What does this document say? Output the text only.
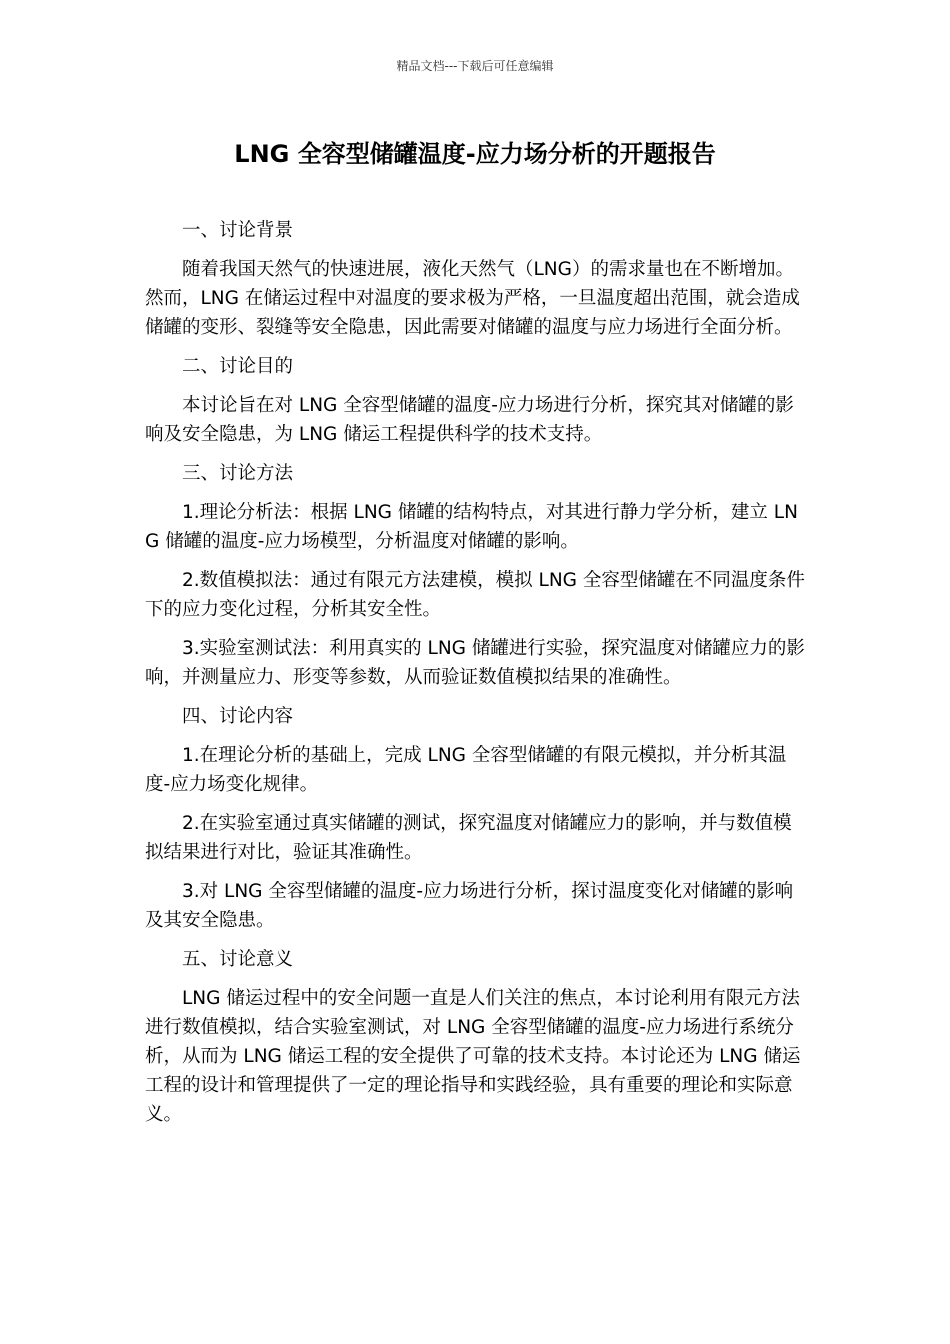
精品文档---下载后可任意编辑
LNG 全容型储罐温度-应力场分析的开题报告
一、讨论背景

随着我国天然气的快速进展，液化天然气（LNG）的需求量也在不断增加。然而，LNG 在储运过程中对温度的要求极为严格，一旦温度超出范围，就会造成储罐的变形、裂缝等安全隐患，因此需要对储罐的温度与应力场进行全面分析。

二、讨论目的

本讨论旨在对 LNG 全容型储罐的温度-应力场进行分析，探究其对储罐的影响及安全隐患，为 LNG 储运工程提供科学的技术支持。

三、讨论方法

1.理论分析法：根据 LNG 储罐的结构特点，对其进行静力学分析，建立 LNG 储罐的温度-应力场模型，分析温度对储罐的影响。

2.数值模拟法：通过有限元方法建模，模拟 LNG 全容型储罐在不同温度条件下的应力变化过程，分析其安全性。

3.实验室测试法：利用真实的 LNG 储罐进行实验，探究温度对储罐应力的影响，并测量应力、形变等参数，从而验证数值模拟结果的准确性。

四、讨论内容

1.在理论分析的基础上，完成 LNG 全容型储罐的有限元模拟，并分析其温度-应力场变化规律。

2.在实验室通过真实储罐的测试，探究温度对储罐应力的影响，并与数值模拟结果进行对比，验证其准确性。

3.对 LNG 全容型储罐的温度-应力场进行分析，探讨温度变化对储罐的影响及其安全隐患。

五、讨论意义

LNG 储运过程中的安全问题一直是人们关注的焦点，本讨论利用有限元方法进行数值模拟，结合实验室测试，对 LNG 全容型储罐的温度-应力场进行系统分析，从而为 LNG 储运工程的安全提供了可靠的技术支持。本讨论还为 LNG 储运工程的设计和管理提供了一定的理论指导和实践经验，具有重要的理论和实际意义。
